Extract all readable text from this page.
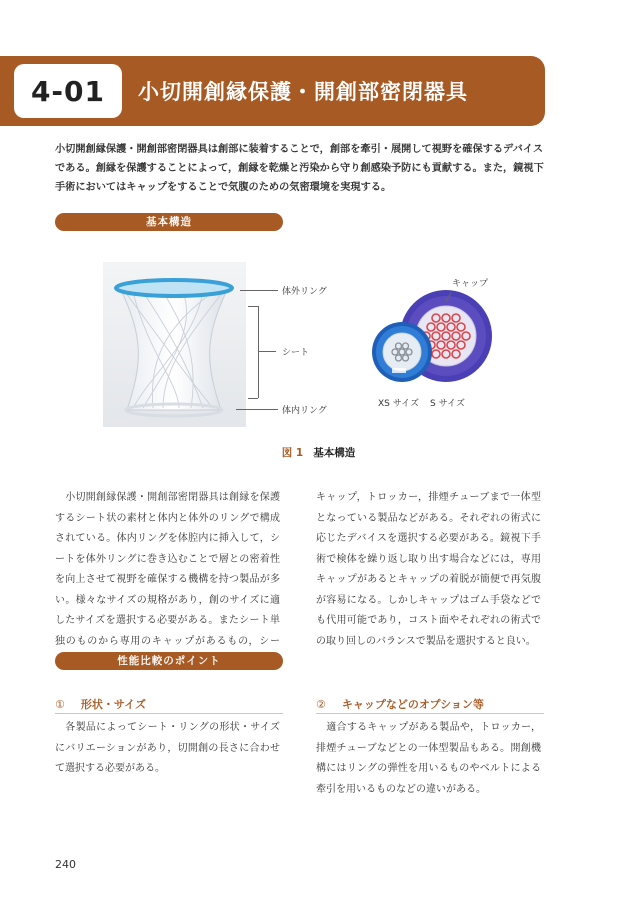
4-01	小切開創縁保護・開創部密閉器具
小切開創縁保護・開創部密閉器具は創部に装着することで，創部を牽引・展開して視野を確保するデバイスである。創縁を保護することによって，創縁を乾燥と汚染から守り創感染予防にも貢献する。また，鏡視下手術においてはキャップをすることで気腹のための気密環境を実現する。
基本構造
体外リング
シート
体内リング
キャップ
XS サイズ S サイズ
図 1 基本構造
小切開創縁保護・開創部密閉器具は創縁を保護するシート状の素材と体内と体外のリングで構成されている。体内リングを体腔内に挿入して，シートを体外リングに巻き込むことで層との密着性を向上させて視野を確保する機構を持つ製品が多い。様々なサイズの規格があり，創のサイズに適したサイズを選択する必要がある。またシート単独のものから専用のキャップがあるもの，シー
キャップ，トロッカー，排煙チューブまで一体型となっている製品などがある。それぞれの術式に応じたデバイスを選択する必要がある。鏡視下手術で検体を繰り返し取り出す場合などには，専用キャップがあるとキャップの着脱が簡便で再気腹が容易になる。しかしキャップはゴム手袋などでも代用可能であり，コスト面やそれぞれの術式での取り回しのバランスで製品を選択すると良い。
性能比較のポイント
① 形状・サイズ
各製品によってシート・リングの形状・サイズにバリエーションがあり，切開創の長さに合わせて選択する必要がある。
② キャップなどのオプション等
適合するキャップがある製品や，トロッカー，排煙チューブなどとの一体型製品もある。開創機構にはリングの弾性を用いるものやベルトによる牽引を用いるものなどの違いがある。
240
